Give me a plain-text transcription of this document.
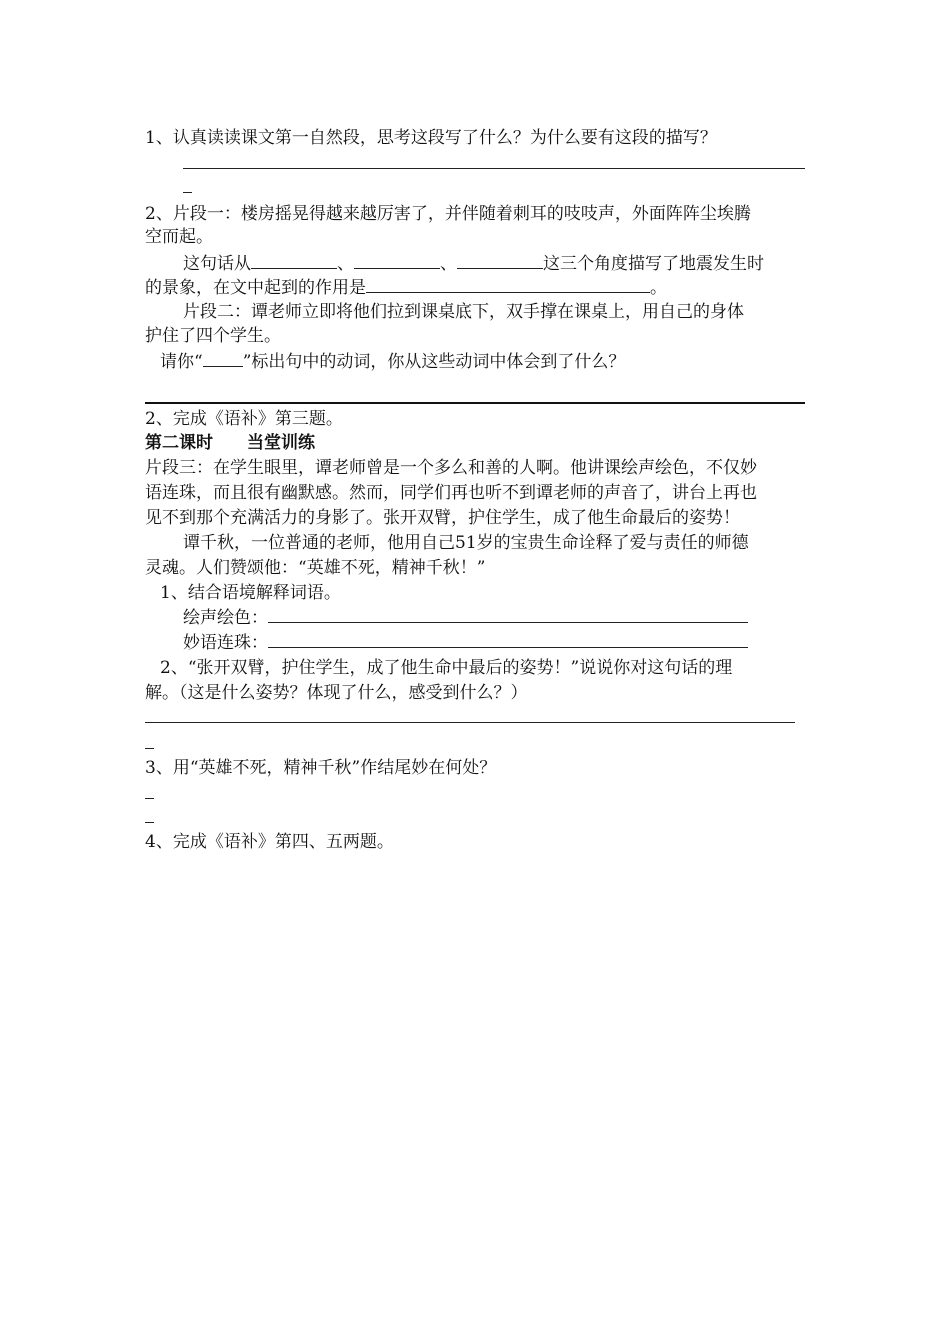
1、认真读读课文第一自然段，思考这段写了什么？为什么要有这段的描写？
2、片段一：楼房摇晃得越来越厉害了，并伴随着刺耳的吱吱声，外面阵阵尘埃腾
空而起。
这句话从	、	、	这三个角度描写了地震发生时
的景象，在文中起到的作用是	。
片段二：谭老师立即将他们拉到课桌底下，双手撑在课桌上，用自己的身体
护住了四个学生。
请你“ ”标出句中的动词，你从这些动词中体会到了什么？
2、完成《语补》第三题。
第二课时　　当堂训练
片段三：在学生眼里，谭老师曾是一个多么和善的人啊。他讲课绘声绘色，不仅妙
语连珠，而且很有幽默感。然而，同学们再也听不到谭老师的声音了，讲台上再也
见不到那个充满活力的身影了。张开双臂，护住学生，成了他生命最后的姿势！
谭千秋，一位普通的老师，他用自己51岁的宝贵生命诠释了爱与责任的师德
灵魂。人们赞颂他：“英雄不死，精神千秋！”
1、结合语境解释词语。
绘声绘色：
妙语连珠：
2、“张开双臂，护住学生，成了他生命中最后的姿势！”说说你对这句话的理
解。（这是什么姿势？体现了什么，感受到什么？）
3、用“英雄不死，精神千秋”作结尾妙在何处？
4、完成《语补》第四、五两题。
